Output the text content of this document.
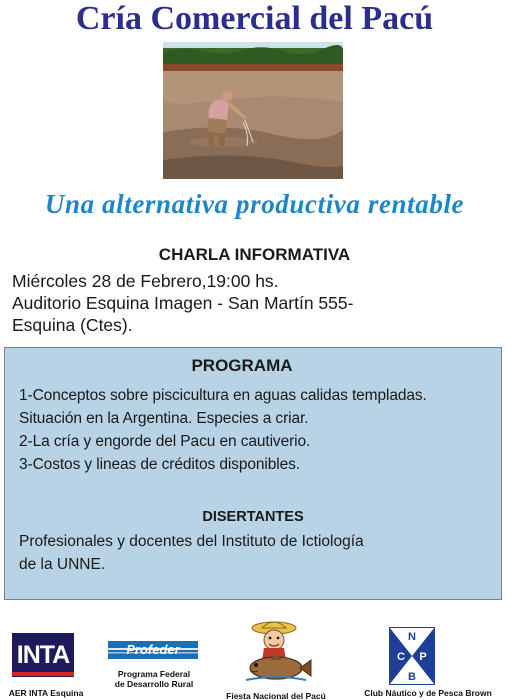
Cría Comercial del Pacú
Una alternativa productiva rentable
CHARLA INFORMATIVA
Miércoles 28 de Febrero,19:00 hs.
Auditorio Esquina Imagen - San Martín 555-
Esquina (Ctes).
PROGRAMA
1-Conceptos sobre piscicultura en aguas calidas templadas.
Situación en la Argentina. Especies a criar.
2-La cría y engorde del Pacu en cautiverio.
3-Costos y lineas de créditos disponibles.
DISERTANTES
Profesionales y docentes del Instituto de Ictiología
de la UNNE.
INTA
AER INTA Esquina
Profeder
Programa Federal
de Desarrollo Rural
Fiesta Nacional del Pacú
N
C P
B
Club Náutico y de Pesca Brown
